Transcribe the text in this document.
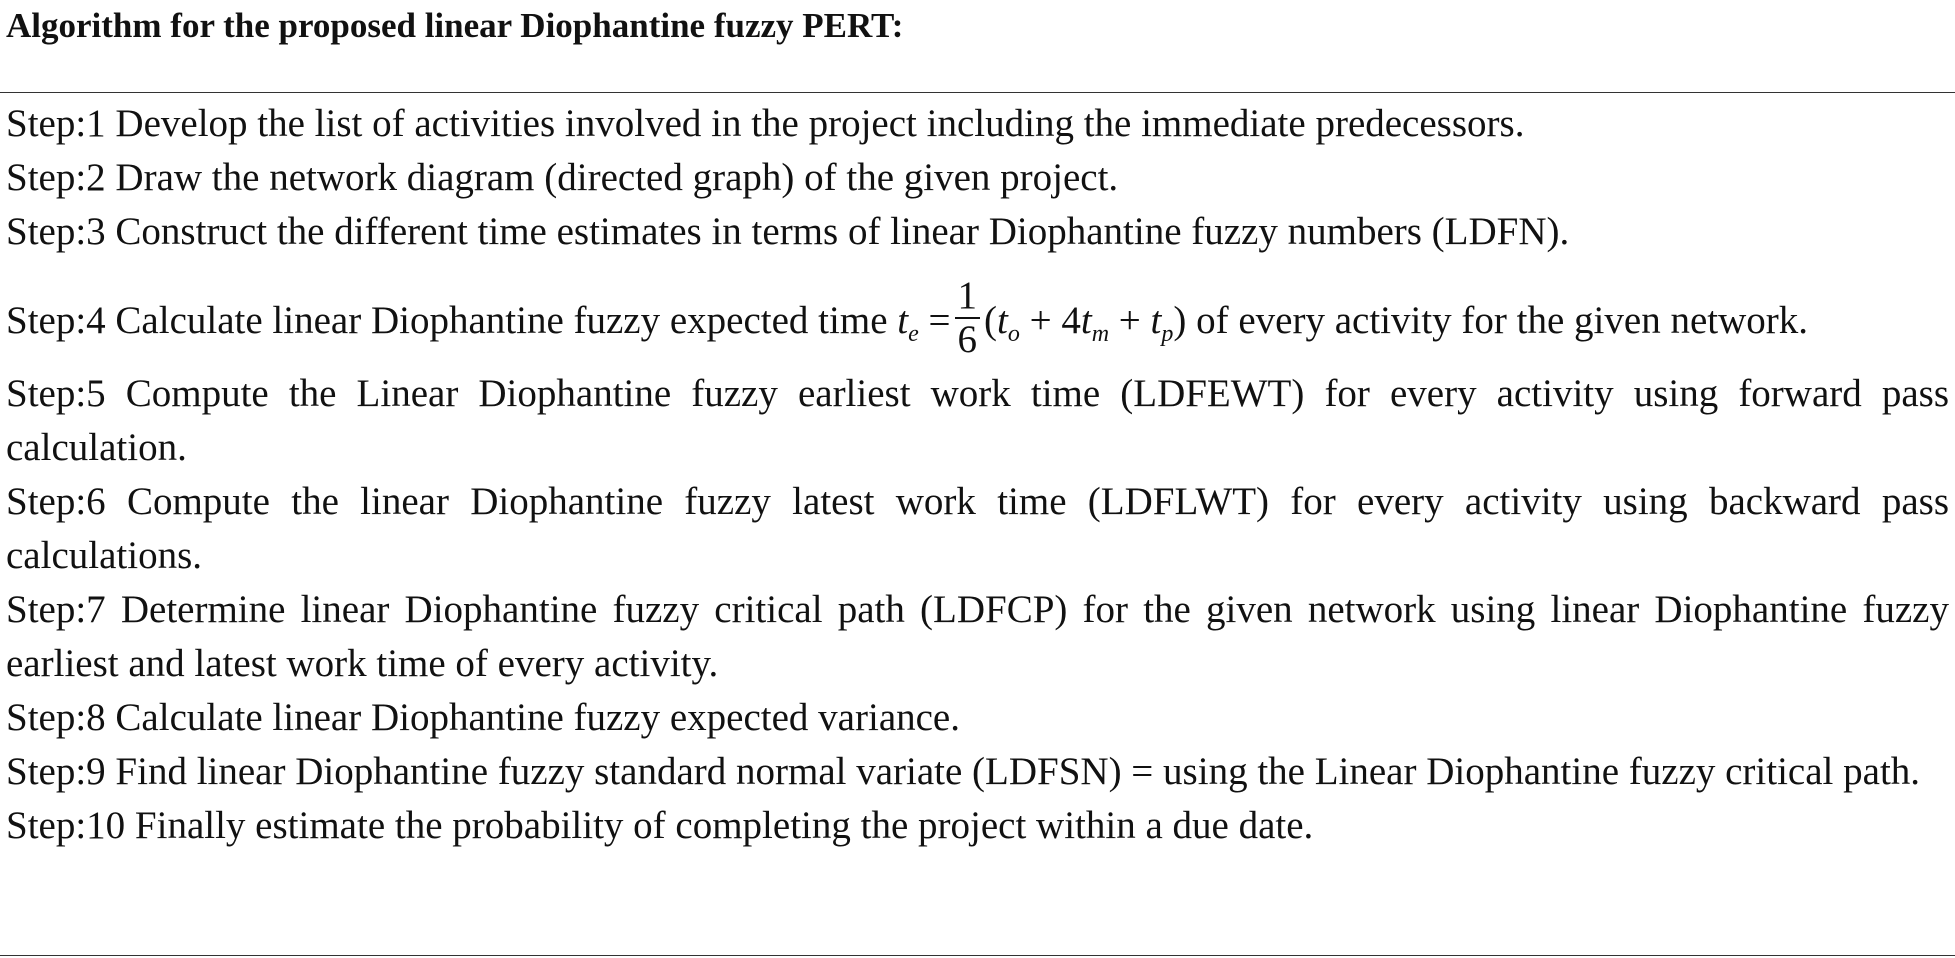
Algorithm for the proposed linear Diophantine fuzzy PERT:
Step:1 Develop the list of activities involved in the project including the immediate predecessors.
Step:2 Draw the network diagram (directed graph) of the given project.
Step:3 Construct the different time estimates in terms of linear Diophantine fuzzy numbers (LDFN).
Step:4 Calculate linear Diophantine fuzzy expected time $t_e = \frac{1}{6} (t_o + 4t_m + t_p)$ of every activity for the given network.
Step:5 Compute the Linear Diophantine fuzzy earliest work time (LDFEWT) for every activity using forward pass calculation.
Step:6 Compute the linear Diophantine fuzzy latest work time (LDFLWT) for every activity using backward pass calculations.
Step:7 Determine linear Diophantine fuzzy critical path (LDFCP) for the given network using linear Diophantine fuzzy earliest and latest work time of every activity.
Step:8 Calculate linear Diophantine fuzzy expected variance.
Step:9 Find linear Diophantine fuzzy standard normal variate (LDFSN) = using the Linear Diophantine fuzzy critical path.
Step:10 Finally estimate the probability of completing the project within a due date.
